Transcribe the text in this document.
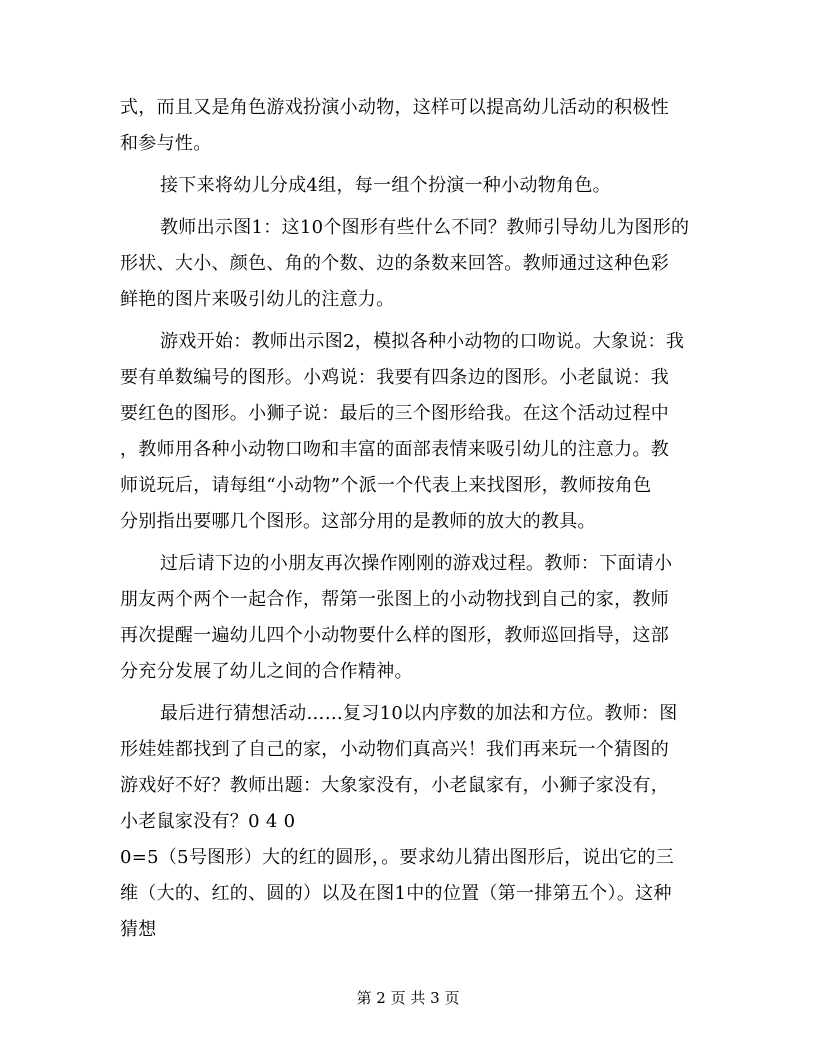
式，而且又是角色游戏扮演小动物，这样可以提高幼儿活动的积极性
和参与性。
接下来将幼儿分成4组，每一组个扮演一种小动物角色。
教师出示图1：这10个图形有些什么不同？教师引导幼儿为图形的
形状、大小、颜色、角的个数、边的条数来回答。教师通过这种色彩
鲜艳的图片来吸引幼儿的注意力。
游戏开始：教师出示图2，模拟各种小动物的口吻说。大象说：我
要有单数编号的图形。小鸡说：我要有四条边的图形。小老鼠说：我
要红色的图形。小狮子说：最后的三个图形给我。在这个活动过程中
，教师用各种小动物口吻和丰富的面部表情来吸引幼儿的注意力。教
师说玩后，请每组“小动物”个派一个代表上来找图形，教师按角色
分别指出要哪几个图形。这部分用的是教师的放大的教具。
过后请下边的小朋友再次操作刚刚的游戏过程。教师：下面请小
朋友两个两个一起合作，帮第一张图上的小动物找到自己的家，教师
再次提醒一遍幼儿四个小动物要什么样的图形，教师巡回指导，这部
分充分发展了幼儿之间的合作精神。
最后进行猜想活动……复习10以内序数的加法和方位。教师：图
形娃娃都找到了自己的家，小动物们真高兴！我们再来玩一个猜图的
游戏好不好？教师出题：大象家没有，小老鼠家有，小狮子家没有，
小老鼠家没有？0 4 0
0=5（5号图形）大的红的圆形，。要求幼儿猜出图形后，说出它的三
维（大的、红的、圆的）以及在图1中的位置（第一排第五个）。这种
猜想
第 2 页 共 3 页
